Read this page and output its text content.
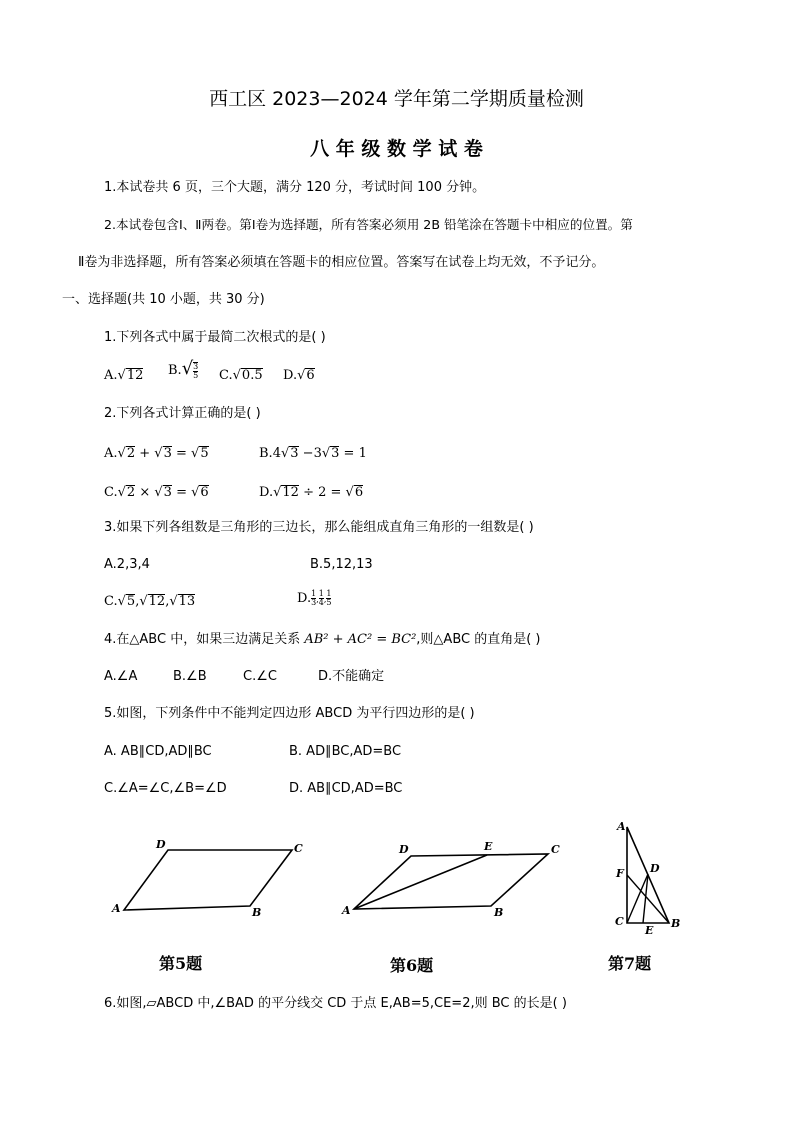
西工区 2023—2024 学年第二学期质量检测
八 年 级 数 学 试 卷
1.本试卷共 6 页，三个大题，满分 120 分，考试时间 100 分钟。
2.本试卷包含Ⅰ、Ⅱ两卷。第Ⅰ卷为选择题，所有答案必须用 2B 铅笔涂在答题卡中相应的位置。第
Ⅱ卷为非选择题，所有答案必须填在答题卡的相应位置。答案写在试卷上均无效，不予记分。
一、选择题(共 10 小题，共 30 分)
1.下列各式中属于最简二次根式的是( )
A.√12 $B.√ \frac{3}{5} C.√0.5$ D.√6
2.下列各式计算正确的是( )
A.√2 + √3 = √5	B.4√3 −3√3 = 1
C.√2 × √3 = √6	D.√12 ÷ 2 = √6
3.如果下列各组数是三角形的三边长，那么能组成直角三角形的一组数是( )
A.2,3,4	B.5,12,13
C.√5,√12,√13	D. $\frac{1}{3}$ , $\frac{1}{4}$ , $\frac{1}{5}$
4.在△ABC 中，如果三边满足关系 AB² + AC² = BC²,则△ABC 的直角是( )
A.∠A	B.∠B	C.∠C	D.不能确定
5.如图，下列条件中不能判定四边形 ABCD 为平行四边形的是( )
A. AB∥CD,AD∥BC	B. AD∥BC,AD=BC
C.∠A=∠C,∠B=∠D	D. AB∥CD,AD=BC
A	B
C
D
A	B
C
D	E
A
B
C
D
E
F
第5题	第6题	第7题
6.如图,▱ABCD 中,∠BAD 的平分线交 CD 于点 E,AB=5,CE=2,则 BC 的长是( )
